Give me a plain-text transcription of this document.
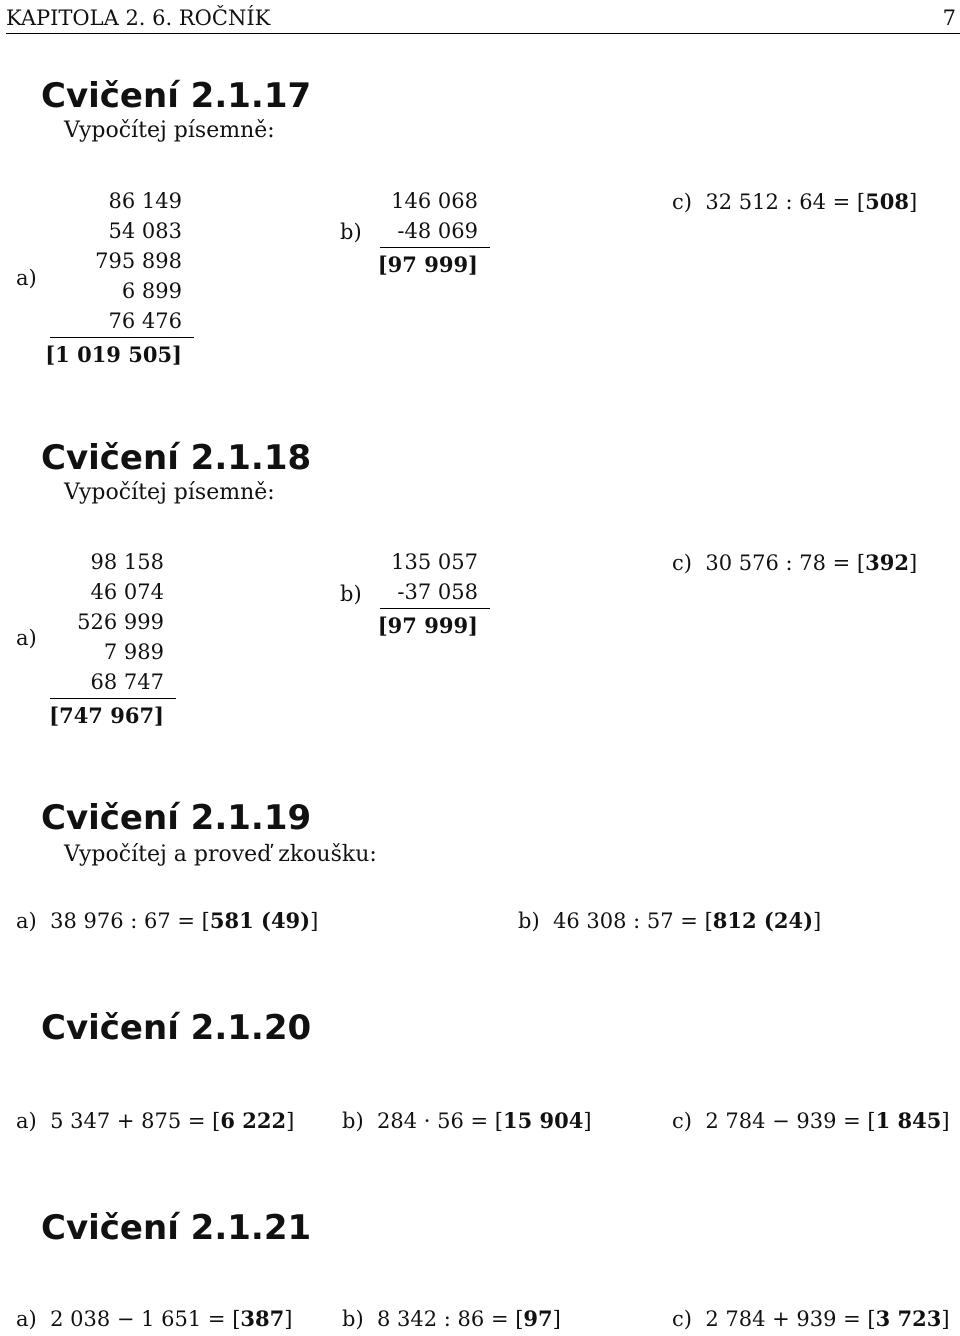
KAPITOLA 2. 6. ROČNÍK	7
Cvičení 2.1.17
Vypočítej písemně:
a)
86 149
54 083
795 898
6 899
76 476
[1 019 505]
b)
146 068
-48 069
[97 999]
c) 32 512 : 64 = [508]
Cvičení 2.1.18
Vypočítej písemně:
a)
98 158
46 074
526 999
7 989
68 747
[747 967]
b)
135 057
-37 058
[97 999]
c) 30 576 : 78 = [392]
Cvičení 2.1.19
Vypočítej a proveď zkoušku:
a) 38 976 : 67 = [581 (49)]	b) 46 308 : 57 = [812 (24)]
Cvičení 2.1.20
a) 5 347 + 875 = [6 222] b) 284 · 56 = [15 904]	c) 2 784 − 939 = [1 845]
Cvičení 2.1.21
a) 2 038 − 1 651 = [387] b) 8 342 : 86 = [97]	c) 2 784 + 939 = [3 723]
